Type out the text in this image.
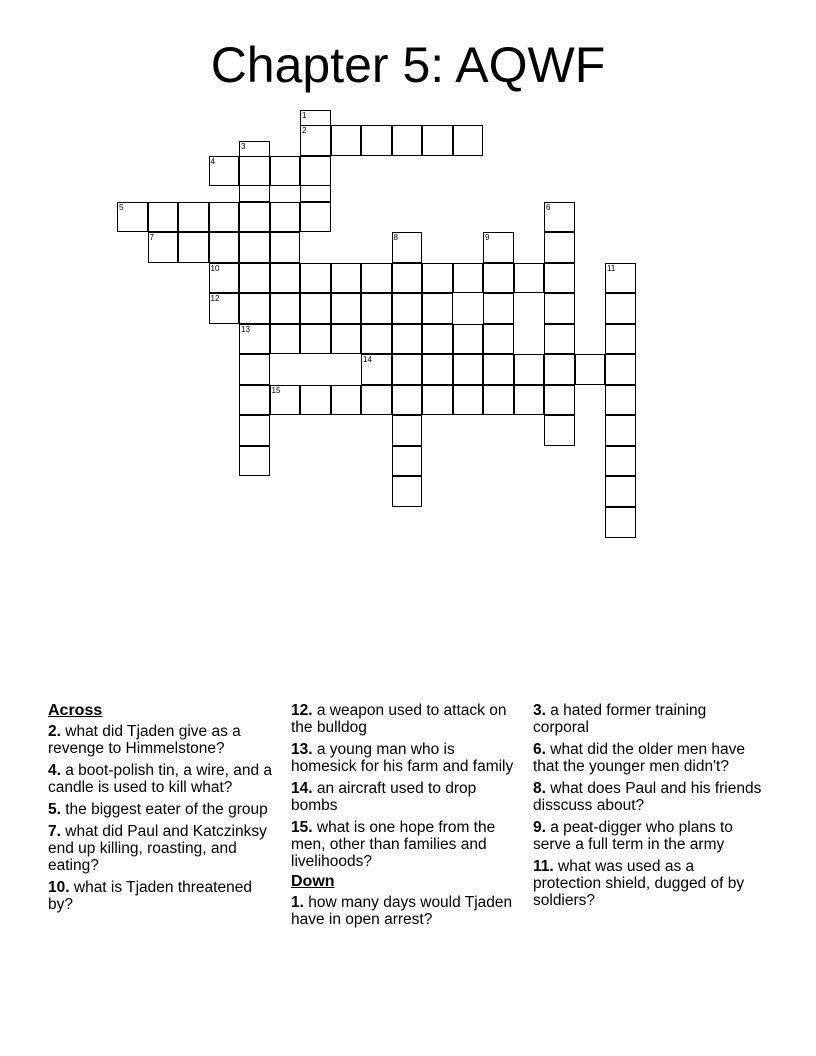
Chapter 5: AQWF
1
2
3
13
4
5	6
7	8	9
10	11
12
14
15
Across
2. what did Tjaden give as a revenge to Himmelstone?
4. a boot-polish tin, a wire, and a candle is used to kill what?
5. the biggest eater of the group
7. what did Paul and Katczinksy end up killing, roasting, and eating?
10. what is Tjaden threatened by?
12. a weapon used to attack on the bulldog
13. a young man who is homesick for his farm and family
14. an aircraft used to drop bombs
15. what is one hope from the men, other than families and livelihoods?
Down
1. how many days would Tjaden have in open arrest?
3. a hated former training corporal
6. what did the older men have that the younger men didn't?
8. what does Paul and his friends disscuss about?
9. a peat-digger who plans to serve a full term in the army
11. what was used as a protection shield, dugged of by soldiers?
